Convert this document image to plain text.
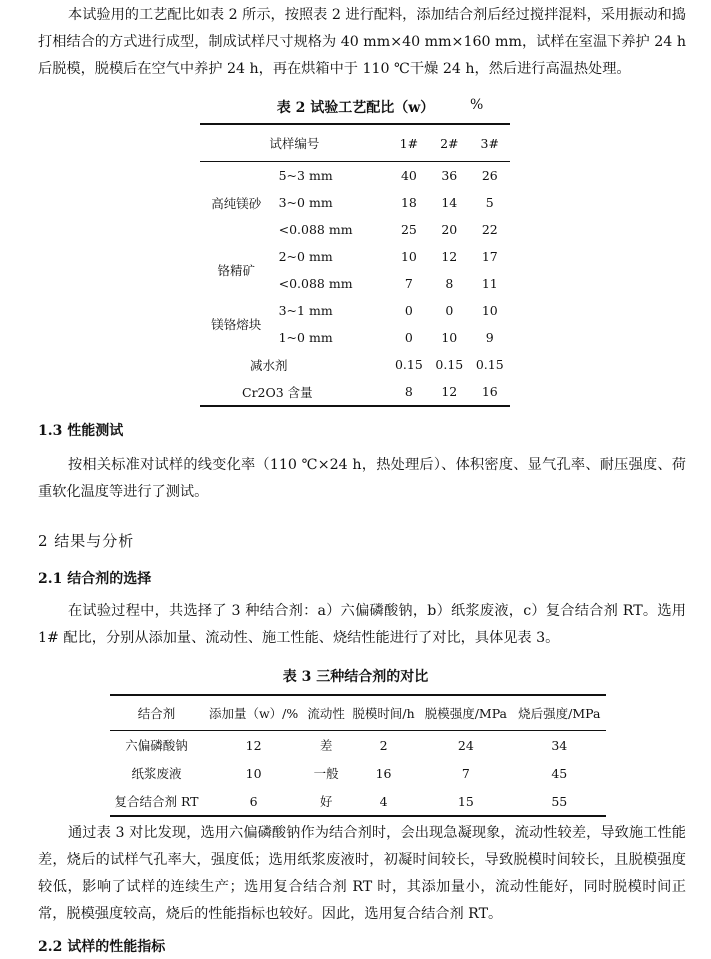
本试验用的工艺配比如表 2 所示，按照表 2 进行配料，添加结合剂后经过搅拌混料，采用振动和捣打相结合的方式进行成型，制成试样尺寸规格为 40 mm×40 mm×160 mm，试样在室温下养护 24 h 后脱模，脱模后在空气中养护 24 h，再在烘箱中于 110 ℃干燥 24 h，然后进行高温热处理。

表 2 试验工艺配比（w）	%

试样编号		1#	2#	3#
高纯镁砂	5~3 mm	40	36	26
	3~0 mm	18	14	5
	<0.088 mm	25	20	22
铬精矿	2~0 mm	10	12	17
	<0.088 mm	7	8	11
镁铬熔块	3~1 mm	0	0	10
	1~0 mm	0	10	9
减水剂		0.15	0.15	0.15
Cr2O3 含量		8	12	16

1.3 性能测试

按相关标准对试样的线变化率（110 ℃×24 h，热处理后）、体积密度、显气孔率、耐压强度、荷重软化温度等进行了测试。

2 结果与分析

2.1 结合剂的选择

在试验过程中，共选择了 3 种结合剂：a）六偏磷酸钠，b）纸浆废液，c）复合结合剂 RT。选用 1# 配比，分别从添加量、流动性、施工性能、烧结性能进行了对比，具体见表 3。

表 3 三种结合剂的对比

结合剂	添加量（w）/%	流动性	脱模时间/h	脱模强度/MPa	烧后强度/MPa
六偏磷酸钠	12	差	2	24	34
纸浆废液	10	一般	16	7	45
复合结合剂 RT	6	好	4	15	55

通过表 3 对比发现，选用六偏磷酸钠作为结合剂时，会出现急凝现象，流动性较差，导致施工性能差，烧后的试样气孔率大，强度低；选用纸浆废液时，初凝时间较长，导致脱模时间较长，且脱模强度较低，影响了试样的连续生产；选用复合结合剂 RT 时，其添加量小，流动性能好，同时脱模时间正常，脱模强度较高，烧后的性能指标也较好。因此，选用复合结合剂 RT。

2.2 试样的性能指标
